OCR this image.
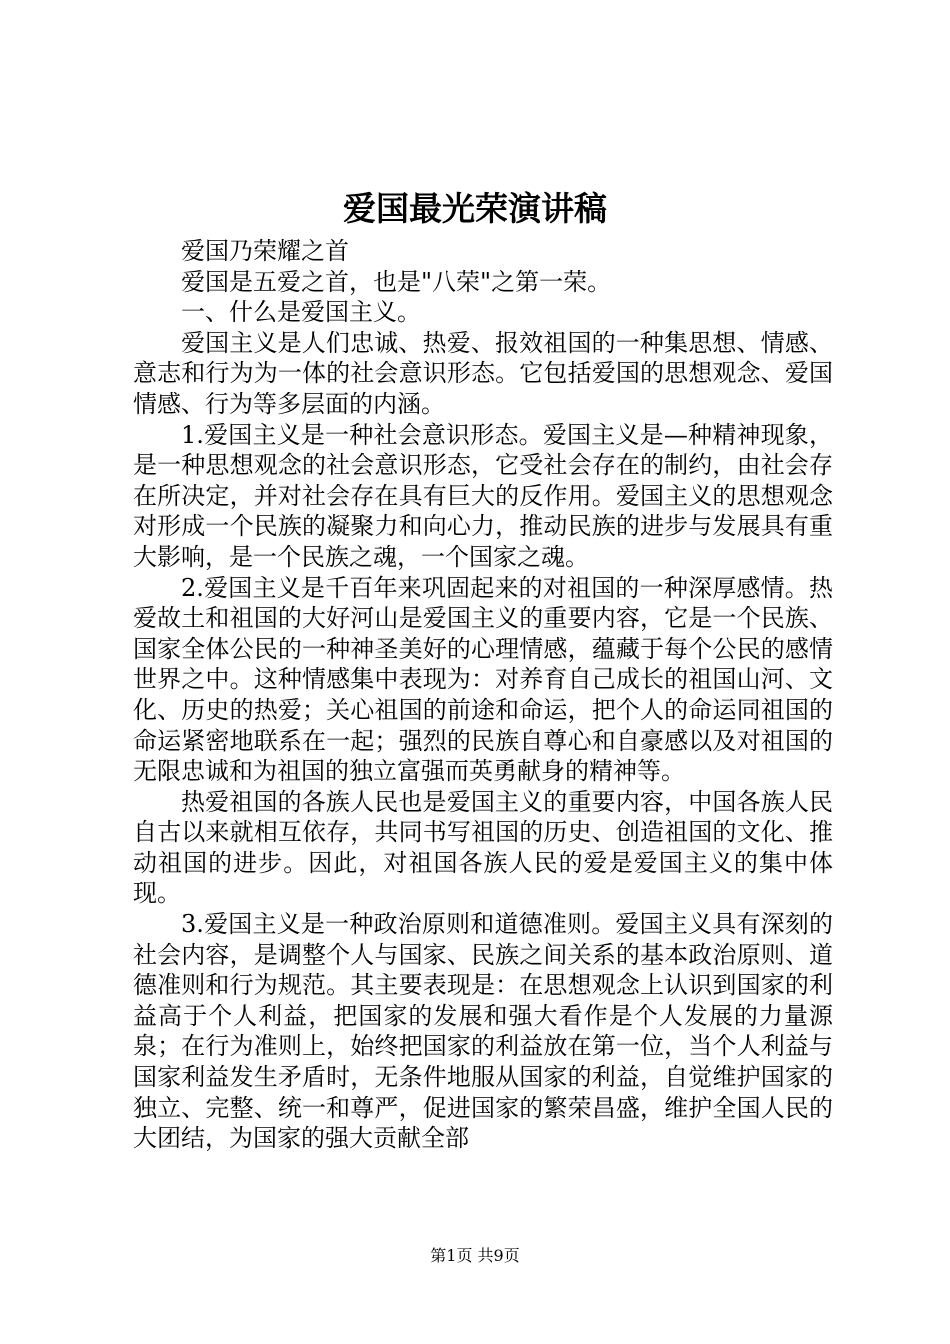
爱国最光荣演讲稿

爱国乃荣耀之首

爱国是五爱之首，也是"八荣"之第一荣。

一、什么是爱国主义。

爱国主义是人们忠诚、热爱、报效祖国的一种集思想、情感、意志和行为为一体的社会意识形态。它包括爱国的思想观念、爱国情感、行为等多层面的内涵。

1.爱国主义是一种社会意识形态。爱国主义是—种精神现象，是一种思想观念的社会意识形态，它受社会存在的制约，由社会存在所决定，并对社会存在具有巨大的反作用。爱国主义的思想观念对形成一个民族的凝聚力和向心力，推动民族的进步与发展具有重大影响，是一个民族之魂，一个国家之魂。

2.爱国主义是千百年来巩固起来的对祖国的一种深厚感情。热爱故土和祖国的大好河山是爱国主义的重要内容，它是一个民族、国家全体公民的一种神圣美好的心理情感，蕴藏于每个公民的感情世界之中。这种情感集中表现为：对养育自己成长的祖国山河、文化、历史的热爱；关心祖国的前途和命运，把个人的命运同祖国的命运紧密地联系在一起；强烈的民族自尊心和自豪感以及对祖国的无限忠诚和为祖国的独立富强而英勇献身的精神等。

热爱祖国的各族人民也是爱国主义的重要内容，中国各族人民自古以来就相互依存，共同书写祖国的历史、创造祖国的文化、推动祖国的进步。因此，对祖国各族人民的爱是爱国主义的集中体现。

3.爱国主义是一种政治原则和道德准则。爱国主义具有深刻的社会内容，是调整个人与国家、民族之间关系的基本政治原则、道德准则和行为规范。其主要表现是：在思想观念上认识到国家的利益高于个人利益，把国家的发展和强大看作是个人发展的力量源泉；在行为准则上，始终把国家的利益放在第一位，当个人利益与国家利益发生矛盾时，无条件地服从国家的利益，自觉维护国家的独立、完整、统一和尊严，促进国家的繁荣昌盛，维护全国人民的大团结，为国家的强大贡献全部

第1页 共9页
